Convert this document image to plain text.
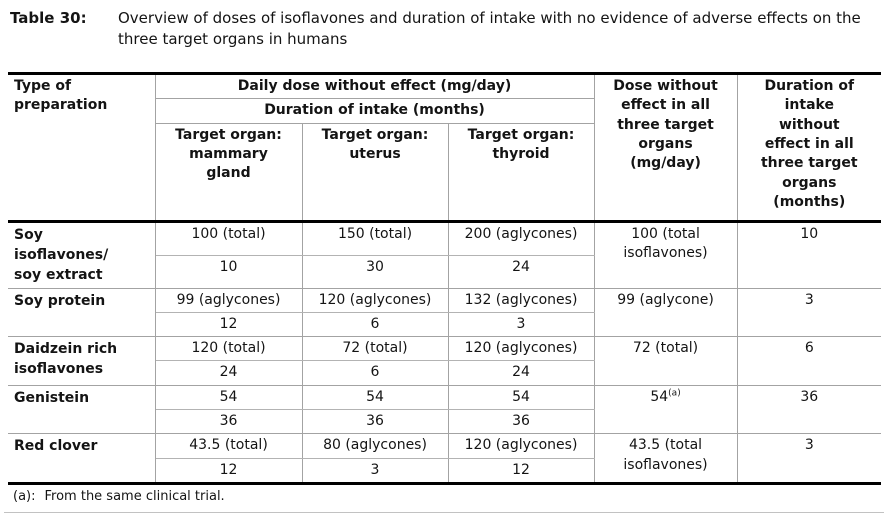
Table 30:	Overview of doses of isoflavones and duration of intake with no evidence of adverse effects on the three target organs in humans
Type of
preparation	Daily dose without effect (mg/day)	Dose without
effect in all
three target
organs
(mg/day)	Duration of
intake
without
effect in all
three target
organs
(months)
	Duration of intake (months)				
	Target organ:
mammary
gland	Target organ:
uterus	Target organ:
thyroid		
Soy
isoflavones/
soy extract	100 (total)	150 (total)	200 (aglycones)	100 (total
isoflavones)	10
	10	30	24		
Soy protein	99 (aglycones)	120 (aglycones)	132 (aglycones)	99 (aglycone)	3
	12	6	3		
Daidzein rich
isoflavones	120 (total)	72 (total)	120 (aglycones)	72 (total)	6
	24	6	24		
Genistein	54	54	54	54$^{(a)}$	36
	36	36	36		
Red clover	43.5 (total)	80 (aglycones)	120 (aglycones)	43.5 (total
isoflavones)	3
	12	3	12		
(a): From the same clinical trial.
